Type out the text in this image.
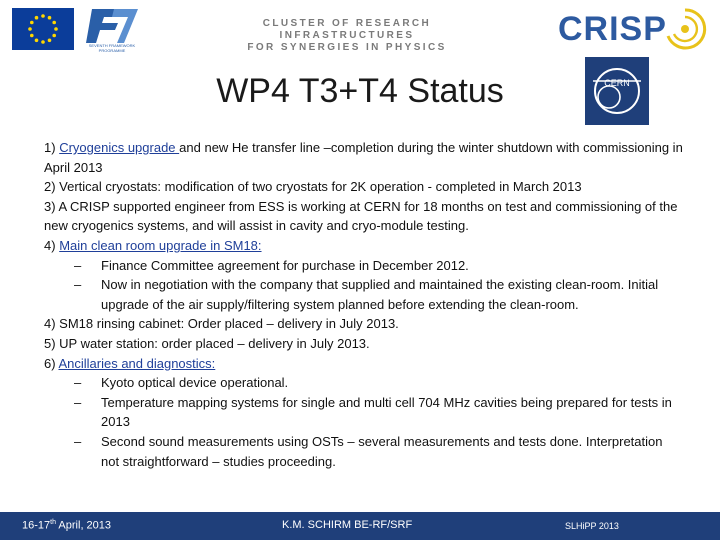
SEVENTH FRAMEWORK PROGRAMME
CLUSTER OF RESEARCH INFRASTRUCTURES
FOR SYNERGIES IN PHYSICS	CRISP
WP4 T3+T4 Status	CERN

1) Cryogenics upgrade and new He transfer line –completion during the winter shutdown with commissioning in April 2013

2) Vertical cryostats: modification of two cryostats for 2K operation - completed in March 2013

3) A CRISP supported engineer from ESS is working at CERN for 18 months on test and commissioning of the new cryogenics systems, and will assist in cavity and cryo-module testing.

4) Main clean room upgrade in SM18:

– Finance Committee agreement for purchase in December 2012.

– Now in negotiation with the company that supplied and maintained the existing clean-room. Initial upgrade of the air supply/filtering system planned before extending the clean-room.

4) SM18 rinsing cabinet: Order placed – delivery in July 2013.

5) UP water station: order placed – delivery in July 2013.

6) Ancillaries and diagnostics:

– Kyoto optical device operational.

– Temperature mapping systems for single and multi cell 704 MHz cavities being prepared for tests in 2013

– Second sound measurements using OSTs – several measurements and tests done. Interpretation not straightforward – studies proceeding.

16-17th April, 2013	K.M. SCHIRM BE-RF/SRF	SLHiPP 2013
